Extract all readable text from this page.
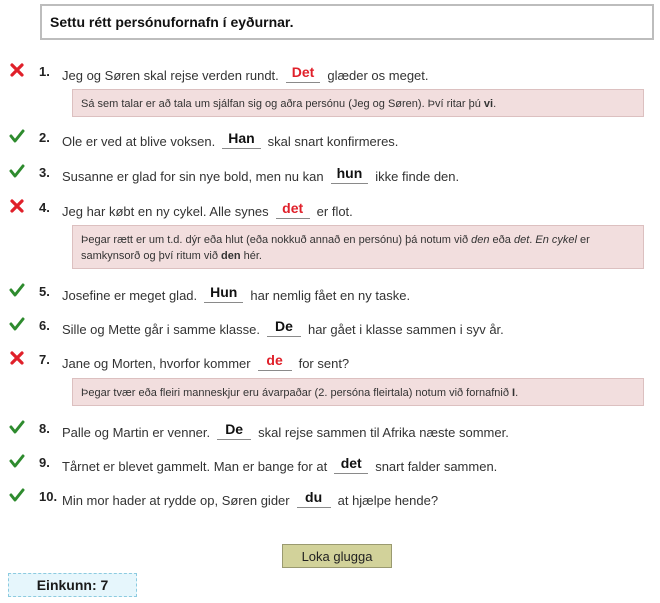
Settu rétt persónufornafn í eyðurnar.
1. Jeg og Søren skal rejse verden rundt. Det	glæder os meget.
Sá sem talar er að tala um sjálfan sig og aðra persónu (Jeg og Søren). Því ritar þú vi.
2. Ole er ved at blive voksen. Han	skal snart konfirmeres.
3. Susanne er glad for sin nye bold, men nu kan hun	ikke finde den.
4. Jeg har købt en ny cykel. Alle synes det	er flot.
Þegar rætt er um t.d. dýr eða hlut (eða nokkuð annað en persónu) þá notum við den eða det. En cykel er samkynsorð og því ritum við den hér.
5. Josefine er meget glad. Hun	har nemlig fået en ny taske.
6. Sille og Mette går i samme klasse.	De	har gået i klasse sammen i syv år.
7. Jane og Morten, hvorfor kommer	de	for sent?
Þegar tvær eða fleiri manneskjur eru ávarpaðar (2. persóna fleirtala) notum við fornafnið I.
8. Palle og Martin er venner.	De	skal rejse sammen til Afrika næste sommer.
9. Tårnet er blevet gammelt. Man er bange for at det	snart falder sammen.
10. Min mor hader at rydde op, Søren gider	du	at hjælpe hende?
Loka glugga
Einkunn: 7
